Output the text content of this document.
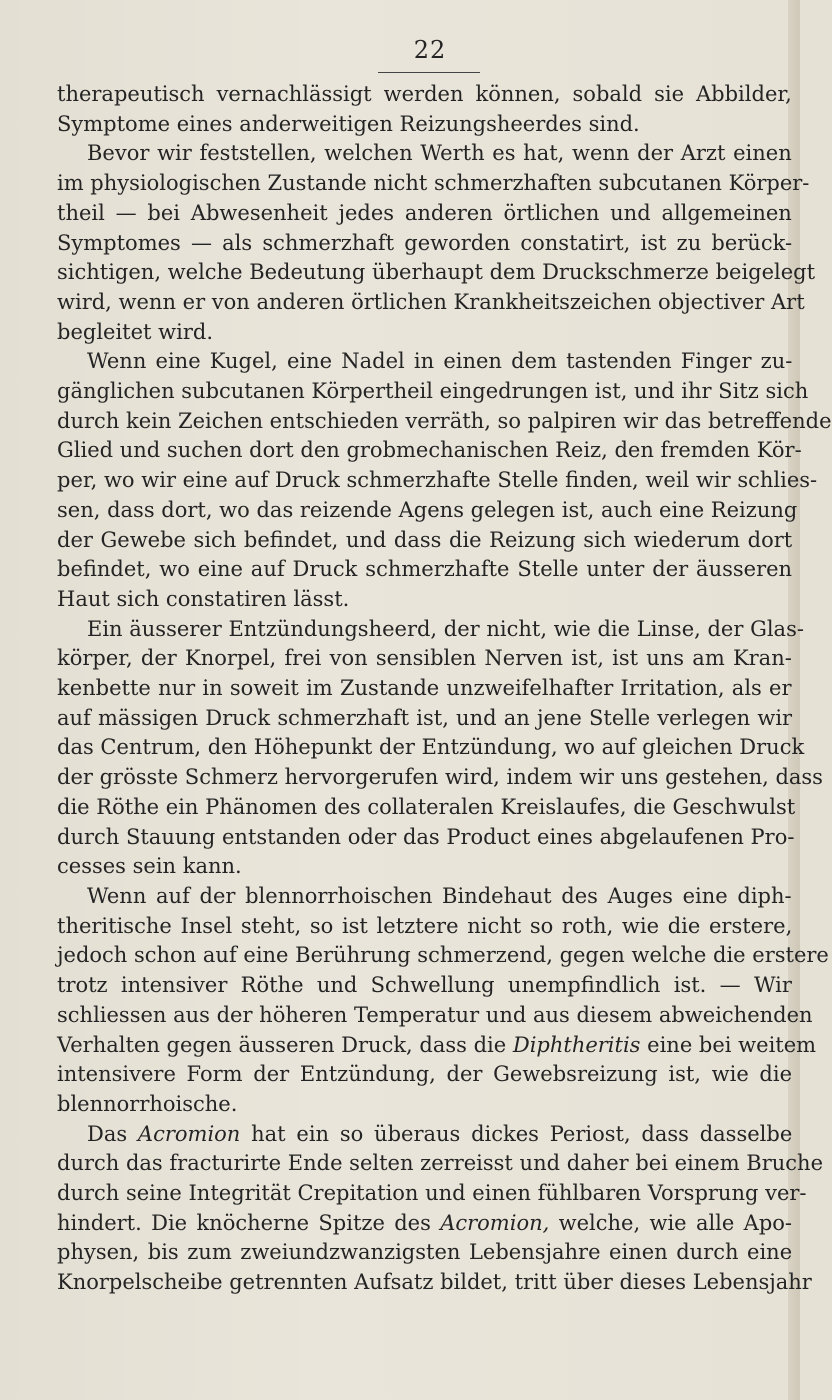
22
therapeutisch vernachlässigt werden können, sobald sie Abbilder,
Symptome eines anderweitigen Reizungsheerdes sind.
Bevor wir feststellen, welchen Werth es hat, wenn der Arzt einen
im physiologischen Zustande nicht schmerzhaften subcutanen Körper-
theil — bei Abwesenheit jedes anderen örtlichen und allgemeinen
Symptomes — als schmerzhaft geworden constatirt, ist zu berück-
sichtigen, welche Bedeutung überhaupt dem Druckschmerze beigelegt
wird, wenn er von anderen örtlichen Krankheitszeichen objectiver Art
begleitet wird.
Wenn eine Kugel, eine Nadel in einen dem tastenden Finger zu-
gänglichen subcutanen Körpertheil eingedrungen ist, und ihr Sitz sich
durch kein Zeichen entschieden verräth, so palpiren wir das betreffende
Glied und suchen dort den grobmechanischen Reiz, den fremden Kör-
per, wo wir eine auf Druck schmerzhafte Stelle finden, weil wir schlies-
sen, dass dort, wo das reizende Agens gelegen ist, auch eine Reizung
der Gewebe sich befindet, und dass die Reizung sich wiederum dort
befindet, wo eine auf Druck schmerzhafte Stelle unter der äusseren
Haut sich constatiren lässt.
Ein äusserer Entzündungsheerd, der nicht, wie die Linse, der Glas-
körper, der Knorpel, frei von sensiblen Nerven ist, ist uns am Kran-
kenbette nur in soweit im Zustande unzweifelhafter Irritation, als er
auf mässigen Druck schmerzhaft ist, und an jene Stelle verlegen wir
das Centrum, den Höhepunkt der Entzündung, wo auf gleichen Druck
der grösste Schmerz hervorgerufen wird, indem wir uns gestehen, dass
die Röthe ein Phänomen des collateralen Kreislaufes, die Geschwulst
durch Stauung entstanden oder das Product eines abgelaufenen Pro-
cesses sein kann.
Wenn auf der blennorrhoischen Bindehaut des Auges eine diph-
theritische Insel steht, so ist letztere nicht so roth, wie die erstere,
jedoch schon auf eine Berührung schmerzend, gegen welche die erstere
trotz intensiver Röthe und Schwellung unempfindlich ist. — Wir
schliessen aus der höheren Temperatur und aus diesem abweichenden
Verhalten gegen äusseren Druck, dass die Diphtheritis eine bei weitem
intensivere Form der Entzündung, der Gewebsreizung ist, wie die
blennorrhoische.
Das Acromion hat ein so überaus dickes Periost, dass dasselbe
durch das fracturirte Ende selten zerreisst und daher bei einem Bruche
durch seine Integrität Crepitation und einen fühlbaren Vorsprung ver-
hindert. Die knöcherne Spitze des Acromion, welche, wie alle Apo-
physen, bis zum zweiundzwanzigsten Lebensjahre einen durch eine
Knorpelscheibe getrennten Aufsatz bildet, tritt über dieses Lebensjahr
